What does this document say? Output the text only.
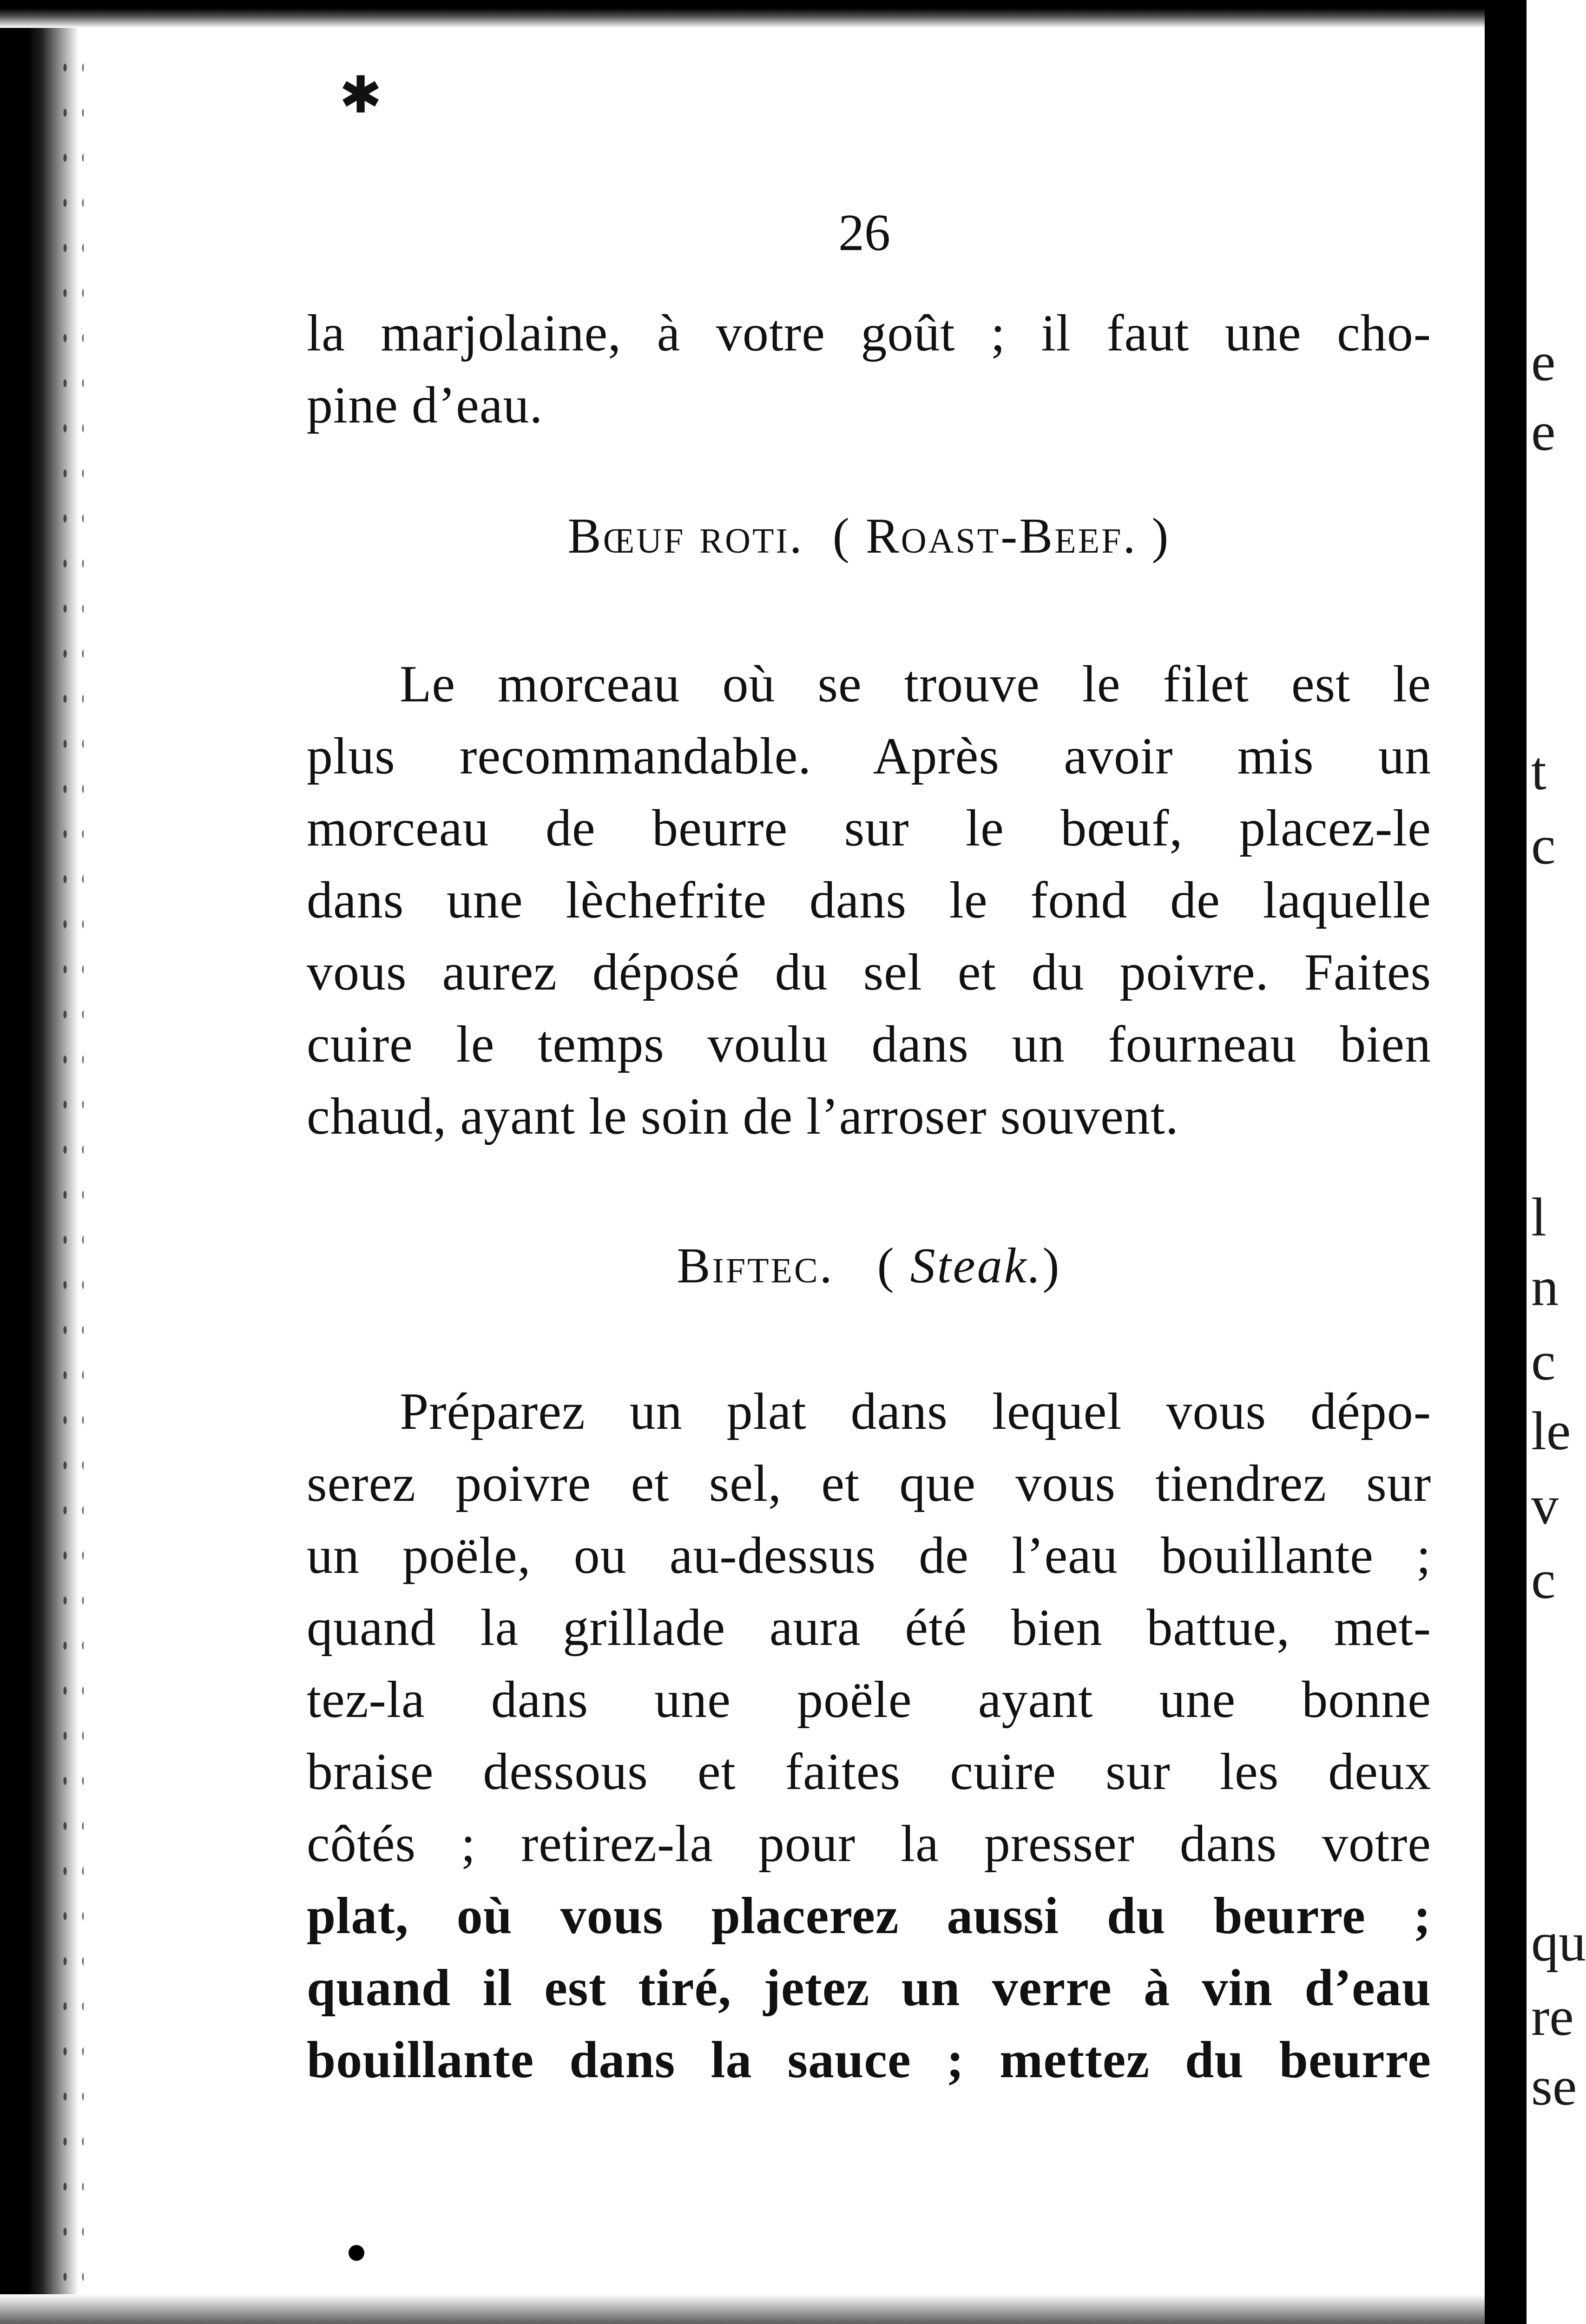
✱
e
e
t
c
l
n
c
le
v
c
qu
re
se
26
la marjolaine, à votre goût ; il faut une cho-
pine d’eau.
Bœuf roti. ( Roast-Beef. )
Le morceau où se trouve le filet est le
plus recommandable. Après avoir mis un
morceau de beurre sur le bœuf, placez-le
dans une lèchefrite dans le fond de laquelle
vous aurez déposé du sel et du poivre. Faites
cuire le temps voulu dans un fourneau bien
chaud, ayant le soin de l’arroser souvent.
Biftec. ( Steak.)
Préparez un plat dans lequel vous dépo-
serez poivre et sel, et que vous tiendrez sur
un poële, ou au-dessus de l’eau bouillante ;
quand la grillade aura été bien battue, met-
tez-la dans une poële ayant une bonne
braise dessous et faites cuire sur les deux
côtés ; retirez-la pour la presser dans votre
plat, où vous placerez aussi du beurre ;
quand il est tiré, jetez un verre à vin d’eau
bouillante dans la sauce ; mettez du beurre
